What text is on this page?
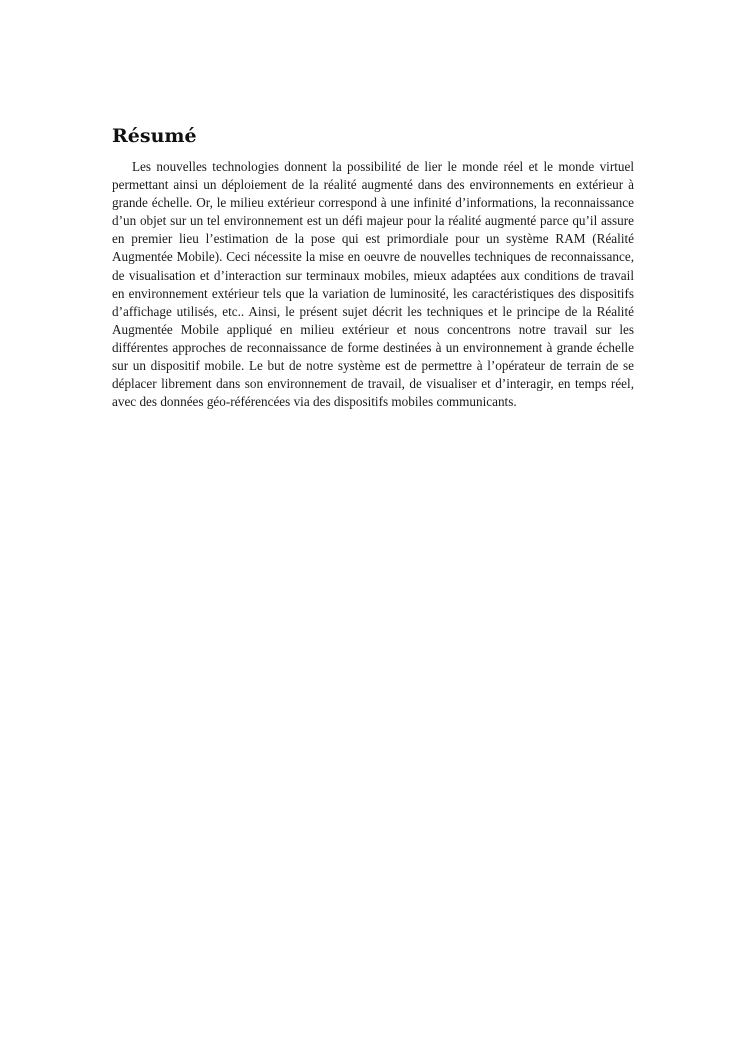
Résumé

Les nouvelles technologies donnent la possibilité de lier le monde réel et le monde virtuel permettant ainsi un déploiement de la réalité augmenté dans des environnements en extérieur à grande échelle. Or, le milieu extérieur correspond à une infinité d’informations, la reconnaissance d’un objet sur un tel environnement est un défi majeur pour la réalité augmenté parce qu’il assure en premier lieu l’estimation de la pose qui est primordiale pour un système RAM (Réalité Augmentée Mobile). Ceci nécessite la mise en oeuvre de nouvelles techniques de reconnaissance, de visualisation et d’interaction sur terminaux mobiles, mieux adaptées aux conditions de travail en environnement extérieur tels que la variation de luminosité, les caractéristiques des dispositifs d’affichage utilisés, etc.. Ainsi, le présent sujet décrit les techniques et le principe de la Réalité Augmentée Mobile appliqué en milieu extérieur et nous concentrons notre travail sur les différentes approches de reconnaissance de forme destinées à un environnement à grande échelle sur un dispositif mobile. Le but de notre système est de permettre à l’opérateur de terrain de se déplacer librement dans son environnement de travail, de visualiser et d’interagir, en temps réel, avec des données géo-référencées via des dispositifs mobiles communicants.
